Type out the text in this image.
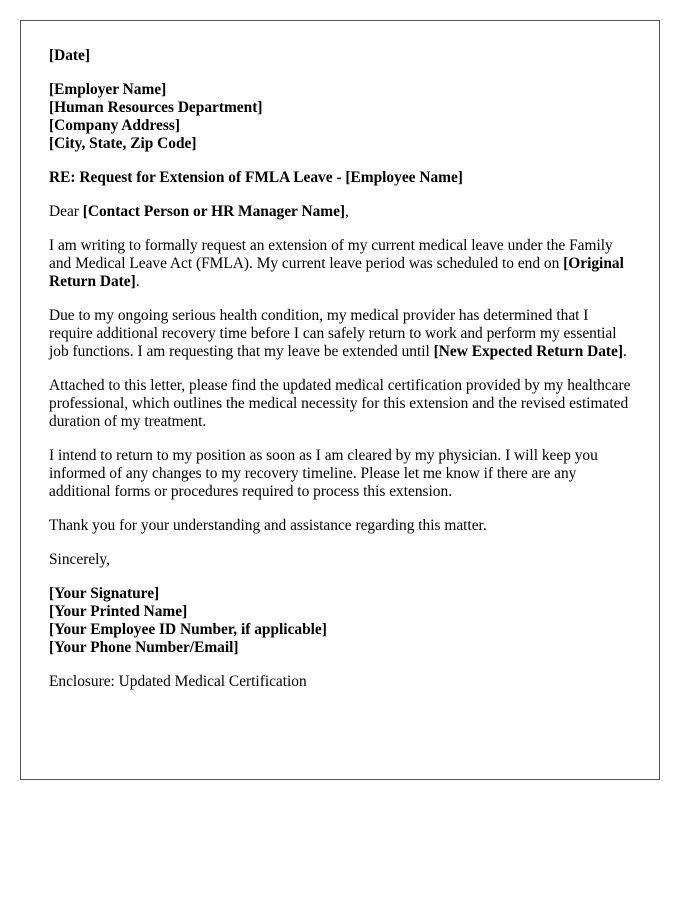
[Date]
[Employer Name]
[Human Resources Department]
[Company Address]
[City, State, Zip Code]
RE: Request for Extension of FMLA Leave - [Employee Name]

Dear [Contact Person or HR Manager Name],

I am writing to formally request an extension of my current medical leave under the Family and Medical Leave Act (FMLA). My current leave period was scheduled to end on [Original Return Date].

Due to my ongoing serious health condition, my medical provider has determined that I require additional recovery time before I can safely return to work and perform my essential job functions. I am requesting that my leave be extended until [New Expected Return Date].

Attached to this letter, please find the updated medical certification provided by my healthcare professional, which outlines the medical necessity for this extension and the revised estimated duration of my treatment.

I intend to return to my position as soon as I am cleared by my physician. I will keep you informed of any changes to my recovery timeline. Please let me know if there are any additional forms or procedures required to process this extension.

Thank you for your understanding and assistance regarding this matter.

Sincerely,

[Your Signature]
[Your Printed Name]
[Your Employee ID Number, if applicable]
[Your Phone Number/Email]

Enclosure: Updated Medical Certification
